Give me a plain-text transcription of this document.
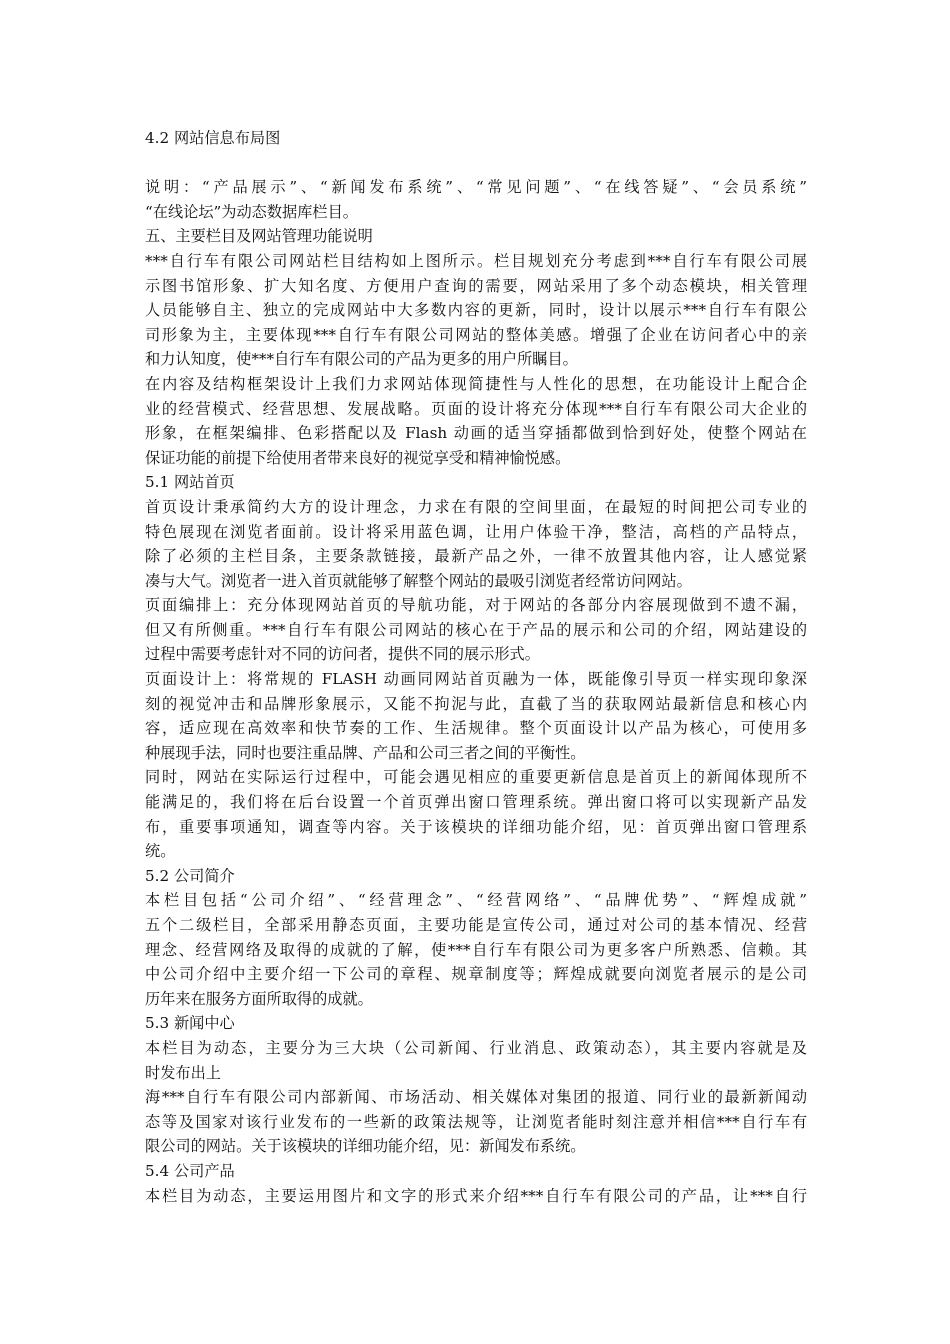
4.2 网站信息布局图
说明：“产品展示”、“新闻发布系统”、“常见问题”、“在线答疑”、“会员系统”
“在线论坛”为动态数据库栏目。
五、主要栏目及网站管理功能说明
***自行车有限公司网站栏目结构如上图所示。栏目规划充分考虑到***自行车有限公司展
示图书馆形象、扩大知名度、方便用户查询的需要，网站采用了多个动态模块，相关管理
人员能够自主、独立的完成网站中大多数内容的更新，同时，设计以展示***自行车有限公
司形象为主，主要体现***自行车有限公司网站的整体美感。增强了企业在访问者心中的亲
和力认知度，使***自行车有限公司的产品为更多的用户所瞩目。
在内容及结构框架设计上我们力求网站体现简捷性与人性化的思想，在功能设计上配合企
业的经营模式、经营思想、发展战略。页面的设计将充分体现***自行车有限公司大企业的
形象，在框架编排、色彩搭配以及 Flash 动画的适当穿插都做到恰到好处，使整个网站在
保证功能的前提下给使用者带来良好的视觉享受和精神愉悦感。
5.1 网站首页
首页设计秉承简约大方的设计理念，力求在有限的空间里面，在最短的时间把公司专业的
特色展现在浏览者面前。设计将采用蓝色调，让用户体验干净，整洁，高档的产品特点，
除了必须的主栏目条，主要条款链接，最新产品之外，一律不放置其他内容，让人感觉紧
凑与大气。浏览者一进入首页就能够了解整个网站的最吸引浏览者经常访问网站。
页面编排上：充分体现网站首页的导航功能，对于网站的各部分内容展现做到不遗不漏，
但又有所侧重。***自行车有限公司网站的核心在于产品的展示和公司的介绍，网站建设的
过程中需要考虑针对不同的访问者，提供不同的展示形式。
页面设计上：将常规的 FLASH 动画同网站首页融为一体，既能像引导页一样实现印象深
刻的视觉冲击和品牌形象展示，又能不拘泥与此，直截了当的获取网站最新信息和核心内
容，适应现在高效率和快节奏的工作、生活规律。整个页面设计以产品为核心，可使用多
种展现手法，同时也要注重品牌、产品和公司三者之间的平衡性。
同时，网站在实际运行过程中，可能会遇见相应的重要更新信息是首页上的新闻体现所不
能满足的，我们将在后台设置一个首页弹出窗口管理系统。弹出窗口将可以实现新产品发
布，重要事项通知，调查等内容。关于该模块的详细功能介绍，见：首页弹出窗口管理系
统。
5.2 公司简介
本栏目包括“公司介绍”、“经营理念”、“经营网络”、“品牌优势”、“辉煌成就”
五个二级栏目，全部采用静态页面，主要功能是宣传公司，通过对公司的基本情况、经营
理念、经营网络及取得的成就的了解，使***自行车有限公司为更多客户所熟悉、信赖。其
中公司介绍中主要介绍一下公司的章程、规章制度等；辉煌成就要向浏览者展示的是公司
历年来在服务方面所取得的成就。
5.3 新闻中心
本栏目为动态，主要分为三大块（公司新闻、行业消息、政策动态），其主要内容就是及
时发布出上
海***自行车有限公司内部新闻、市场活动、相关媒体对集团的报道、同行业的最新新闻动
态等及国家对该行业发布的一些新的政策法规等，让浏览者能时刻注意并相信***自行车有
限公司的网站。关于该模块的详细功能介绍，见：新闻发布系统。
5.4 公司产品
本栏目为动态，主要运用图片和文字的形式来介绍***自行车有限公司的产品，让***自行
